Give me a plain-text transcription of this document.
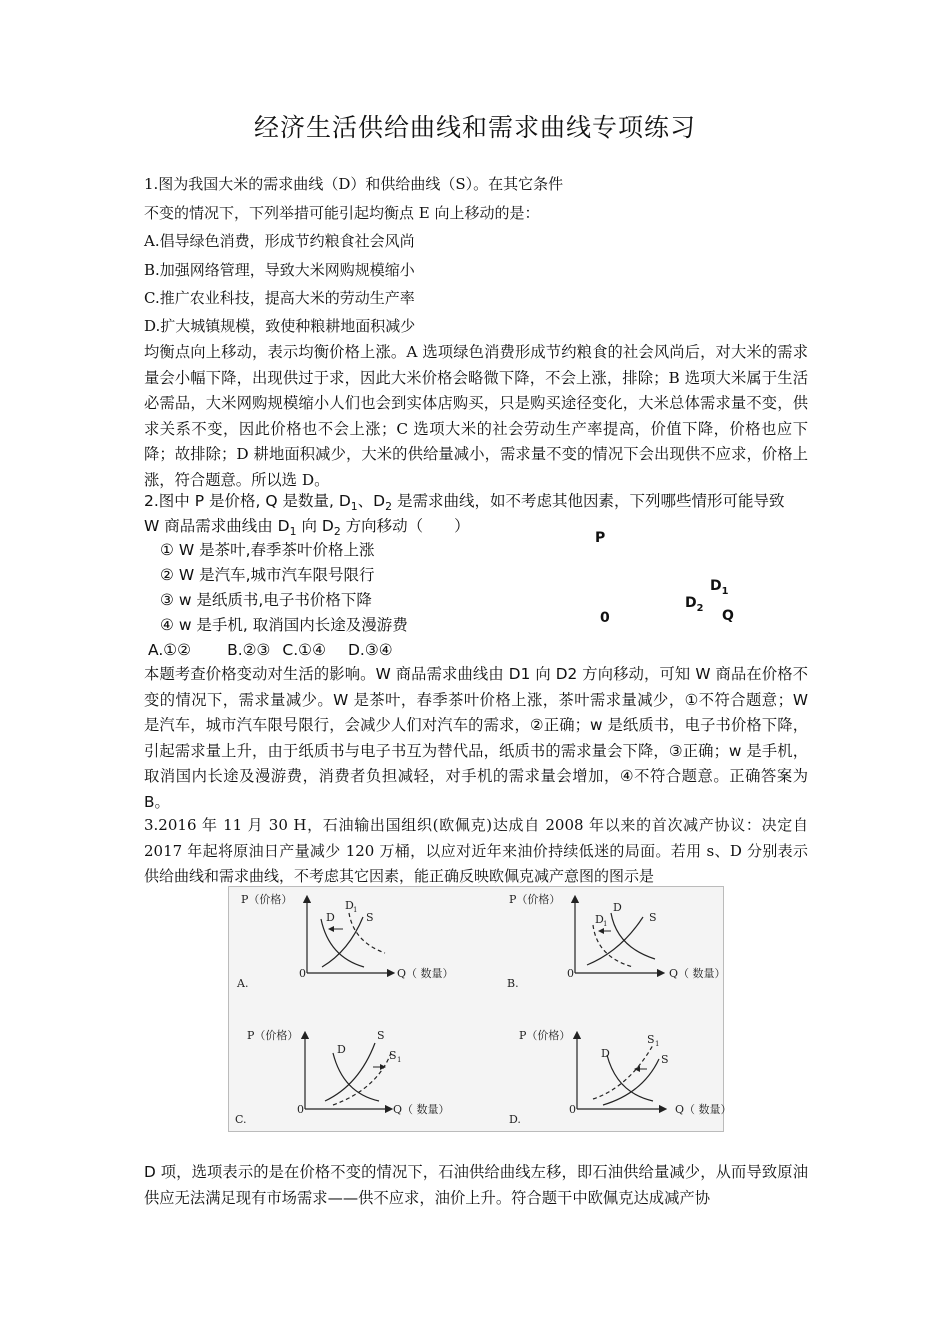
经济生活供给曲线和需求曲线专项练习
1.图为我国大米的需求曲线（D）和供给曲线（S）。在其它条件
不变的情况下，下列举措可能引起均衡点 E 向上移动的是：
A.倡导绿色消费，形成节约粮食社会风尚
B.加强网络管理，导致大米网购规模缩小
C.推广农业科技，提高大米的劳动生产率
D.扩大城镇规模，致使种粮耕地面积减少
均衡点向上移动，表示均衡价格上涨。A 选项绿色消费形成节约粮食的社会风尚后，对大米的需求量会小幅下降，出现供过于求，因此大米价格会略微下降，不会上涨，排除；B 选项大米属于生活必需品，大米网购规模缩小人们也会到实体店购买，只是购买途径变化，大米总体需求量不变，供求关系不变，因此价格也不会上涨；C 选项大米的社会劳动生产率提高，价值下降，价格也应下降；故排除；D 耕地面积减少，大米的供给量减小，需求量不变的情况下会出现供不应求，价格上涨，符合题意。所以选 D。
2.图中 P 是价格, Q 是数量, $D_1$、$D_2$ 是需求曲线，如不考虑其他因素，下列哪些情形可能导致
W 商品需求曲线由 $D_1$ 向 $D_2$ 方向移动（　　）
① W 是茶叶,春季茶叶价格上涨
② W 是汽车,城市汽车限号限行
③ w 是纸质书,电子书价格下降
④ w 是手机, 取消国内长途及漫游费
A.①② B.②③ C.①④ D.③④
P
0
$D_1$
$D_2$ Q
本题考查价格变动对生活的影响。W 商品需求曲线由 D1 向 D2 方向移动，可知 W 商品在价格不变的情况下，需求量减少。W 是茶叶，春季茶叶价格上涨，茶叶需求量减少，①不符合题意；W 是汽车，城市汽车限号限行，会减少人们对汽车的需求，②正确；w 是纸质书，电子书价格下降，引起需求量上升，由于纸质书与电子书互为替代品，纸质书的需求量会下降，③正确；w 是手机，取消国内长途及漫游费，消费者负担减轻，对手机的需求量会增加，④不符合题意。正确答案为 B。
3.2016 年 11 月 30 H，石油输出国组织(欧佩克)达成自 2008 年以来的首次减产协议：决定自 2017 年起将原油日产量减少 120 万桶，以应对近年来油价持续低迷的局面。若用 s、D 分别表示供给曲线和需求曲线，不考虑其它因素，能正确反映欧佩克减产意图的图示是
P（价格）
0	Q（ 数量）
A.
D
D 1
S
P（价格）
0	Q（ 数量）
B.
D
D 1	S
P（价格）
0	Q（ 数量）
C.
D	S 1
S	P（价格）
0	Q（ 数量）
D.
D
S 1
S
D 项，选项表示的是在价格不变的情况下，石油供给曲线左移，即石油供给量减少，从而导致原油供应无法满足现有市场需求——供不应求，油价上升。符合题干中欧佩克达成减产协
